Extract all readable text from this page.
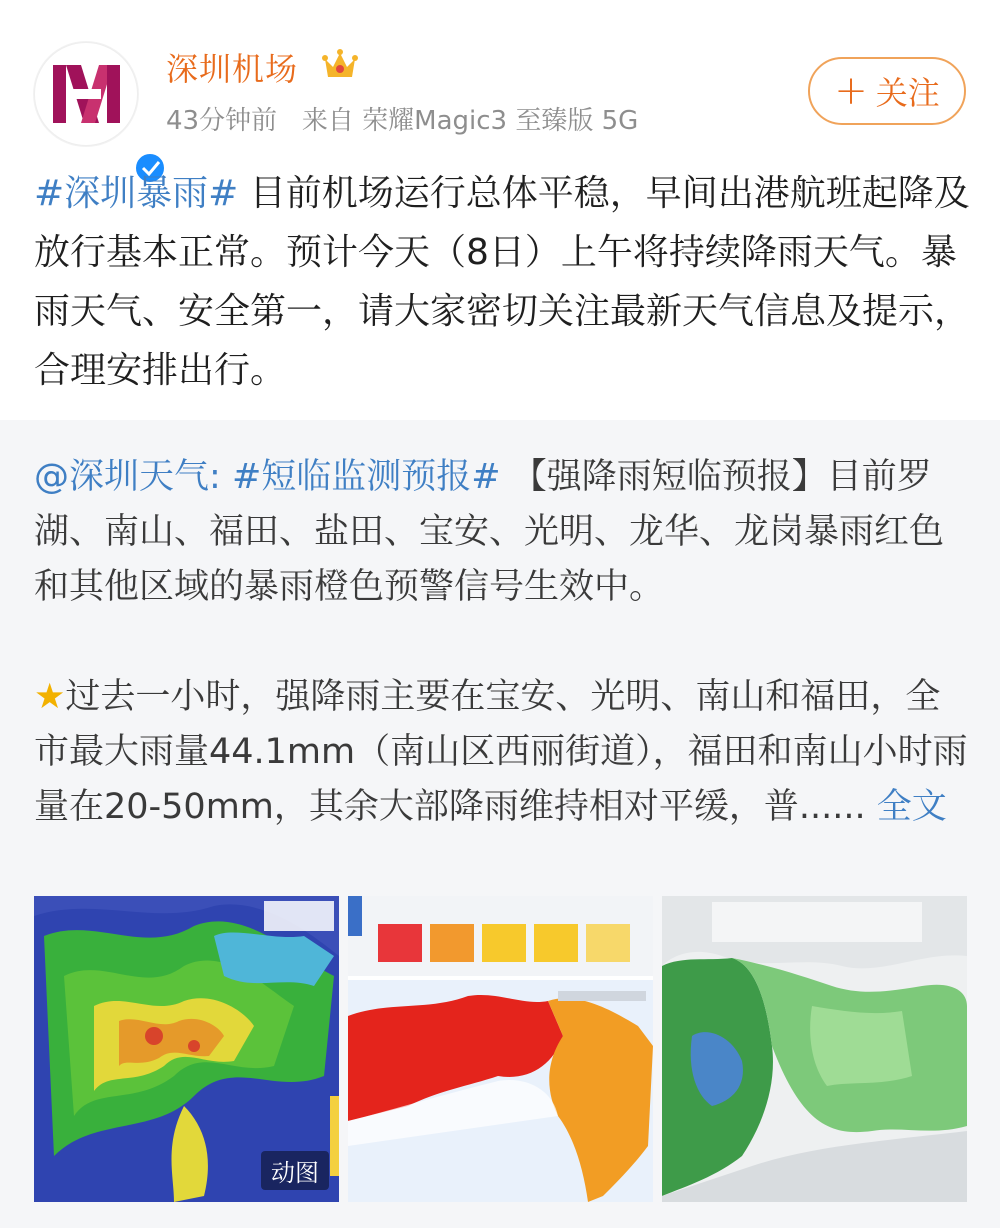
深圳机场
43分钟前 来自 荣耀Magic3 至臻版 5G
+ 关注
#深圳暴雨# 目前机场运行总体平稳，早间出港航班起降及放行基本正常。预计今天（8日）上午将持续降雨天气。暴雨天气、安全第一，请大家密切关注最新天气信息及提示，合理安排出行。
@深圳天气: #短临监测预报# 【强降雨短临预报】目前罗湖、南山、福田、盐田、宝安、光明、龙华、龙岗暴雨红色和其他区域的暴雨橙色预警信号生效中。

★过去一小时，强降雨主要在宝安、光明、南山和福田，全市最大雨量44.1mm（南山区西丽街道），福田和南山小时雨量在20-50mm，其余大部降雨维持相对平缓，普...... 全文
动图
